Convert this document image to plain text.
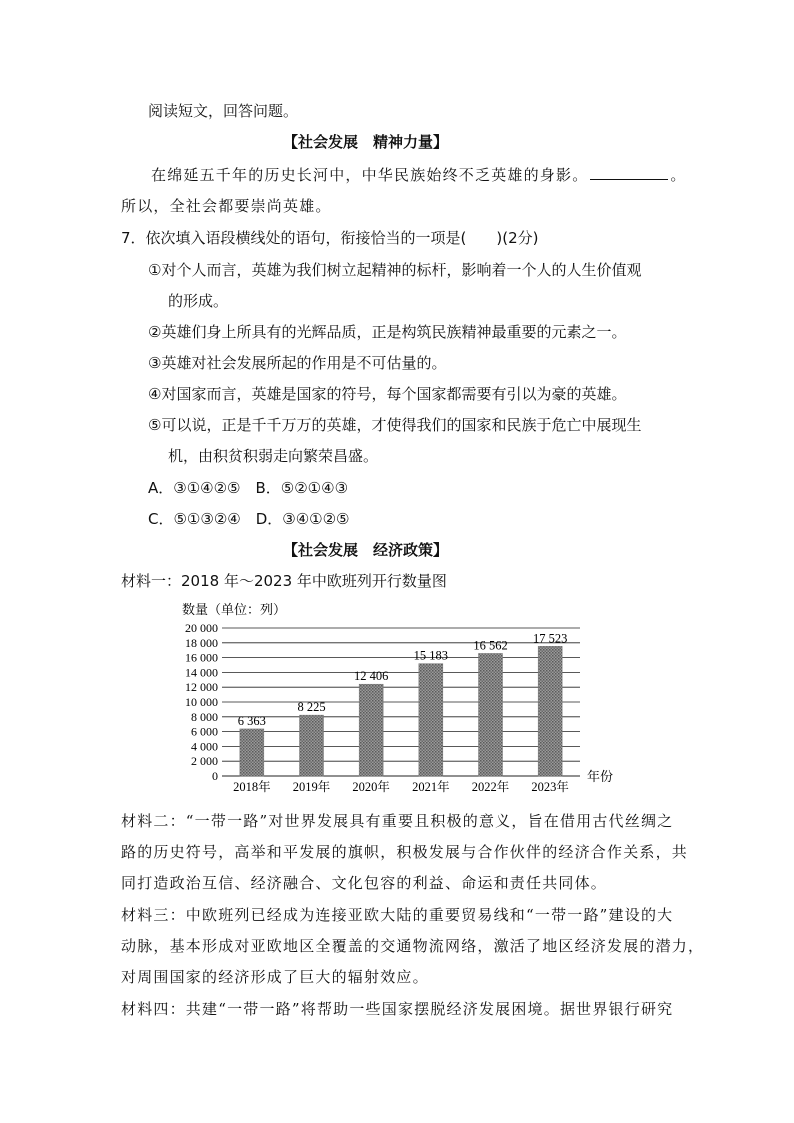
阅读短文，回答问题。
【社会发展　精神力量】
在绵延五千年的历史长河中，中华民族始终不乏英雄的身影。	。
所以，全社会都要崇尚英雄。
7．依次填入语段横线处的语句，衔接恰当的一项是(　　)(2分)
①对个人而言，英雄为我们树立起精神的标杆，影响着一个人的人生价值观
的形成。
②英雄们身上所具有的光辉品质，正是构筑民族精神最重要的元素之一。
③英雄对社会发展所起的作用是不可估量的。
④对国家而言，英雄是国家的符号，每个国家都需要有引以为豪的英雄。
⑤可以说，正是千千万万的英雄，才使得我们的国家和民族于危亡中展现生
机，由积贫积弱走向繁荣昌盛。
A．③①④②⑤　B．⑤②①④③
C．⑤①③②④　D．③④①②⑤
【社会发展　经济政策】
材料一：2018 年～2023 年中欧班列开行数量图
数量（单位：列）
0
2 000
4 000
6 000
8 000
10 000
12 000
14 000
16 000
18 000
20 000
6 363
8 225
12 406
15 183
16 562
17 523
2018年 2019年 2020年 2021年 2022年 2023年
年份
材料二：“一带一路”对世界发展具有重要且积极的意义，旨在借用古代丝绸之
路的历史符号，高举和平发展的旗帜，积极发展与合作伙伴的经济合作关系，共
同打造政治互信、经济融合、文化包容的利益、命运和责任共同体。
材料三：中欧班列已经成为连接亚欧大陆的重要贸易线和“一带一路”建设的大
动脉，基本形成对亚欧地区全覆盖的交通物流网络，激活了地区经济发展的潜力，
对周围国家的经济形成了巨大的辐射效应。
材料四：共建“一带一路”将帮助一些国家摆脱经济发展困境。据世界银行研究
